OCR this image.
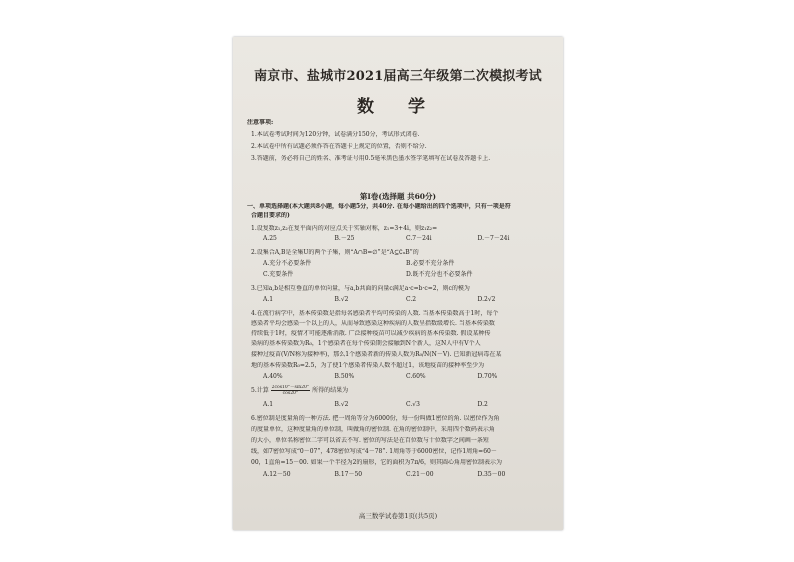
南京市、盐城市2021届高三年级第二次模拟考试
数 学
注意事项:
1.本试卷考试时间为120分钟，试卷满分150分，考试形式闭卷.
2.本试卷中所有试题必须作答在答题卡上规定的位置，否则不给分.
3.答题前，务必将自己的姓名、准考证号用0.5毫米黑色墨水签字笔填写在试卷及答题卡上.
第Ⅰ卷(选择题 共60分)
一、单项选择题(本大题共8小题，每小题5分，共40分. 在每小题给出的四个选项中，只有一项是符
合题目要求的)
1.设复数z₁,z₂在复平面内的对应点关于实轴对称，z₁=3+4i，则z₁z₂=
A.25	B.－25	C.7－24i	D.－7－24i
2.设集合A,B是全集U的两个子集，则“A∩B=∅”是“A⊆∁ᵤB”的
A.充分不必要条件	B.必要不充分条件
C.充要条件	D.既不充分也不必要条件
3.已知a,b是相互垂直的单位向量，与a,b共面的向量c满足a·c=b·c=2，则c的模为
A.1	B.√2	C.2	D.2√2
4.在流行病学中，基本传染数是指每名感染者平均可传染的人数. 当基本传染数高于1时，每个
感染者平均会感染一个以上的人，从而导致感染这种疾病的人数呈指数级增长. 当基本传染数
持续低于1时，疫情才可能逐渐消散. 广泛接种疫苗可以减少疾病的基本传染数. 假设某种传
染病的基本传染数为R₀，1个感染者在每个传染期会接触到N个新人，这N人中有V个人
接种过疫苗(V/N称为接种率)，那么1个感染者新的传染人数为R₀/N(N－V). 已知新冠病毒在某
地的基本传染数R₀=2.5，为了使1个感染者传染人数不超过1，该地疫苗的接种率至少为
A.40%	B.50%	C.60%	D.70%
5.计算 $\frac{2\cos 10^\circ-\sin 20^\circ}{\cos 20^\circ}$ 所得的结果为
A.1	B.√2	C.√3	D.2
6.密位制是度量角的一种方法. 把一周角等分为6000份，每一份叫做1密位的角. 以密位作为角
的度量单位，这种度量角的单位制，叫做角的密位制. 在角的密位制中，采用四个数码表示角
的大小，单位名称密位二字可以省去不写. 密位的写法是在百位数与十位数字之间画一条短
线，如7密位写成“0－07”，478密位写成“4－78”. 1周角等于6000密位，记作1周角=60－
00，1直角=15－00. 如果一个半径为2的扇形，它的面积为7π/6，则其圆心角用密位制表示为
A.12－50	B.17－50	C.21－00	D.35－00
高三数学试卷第1页(共5页)
